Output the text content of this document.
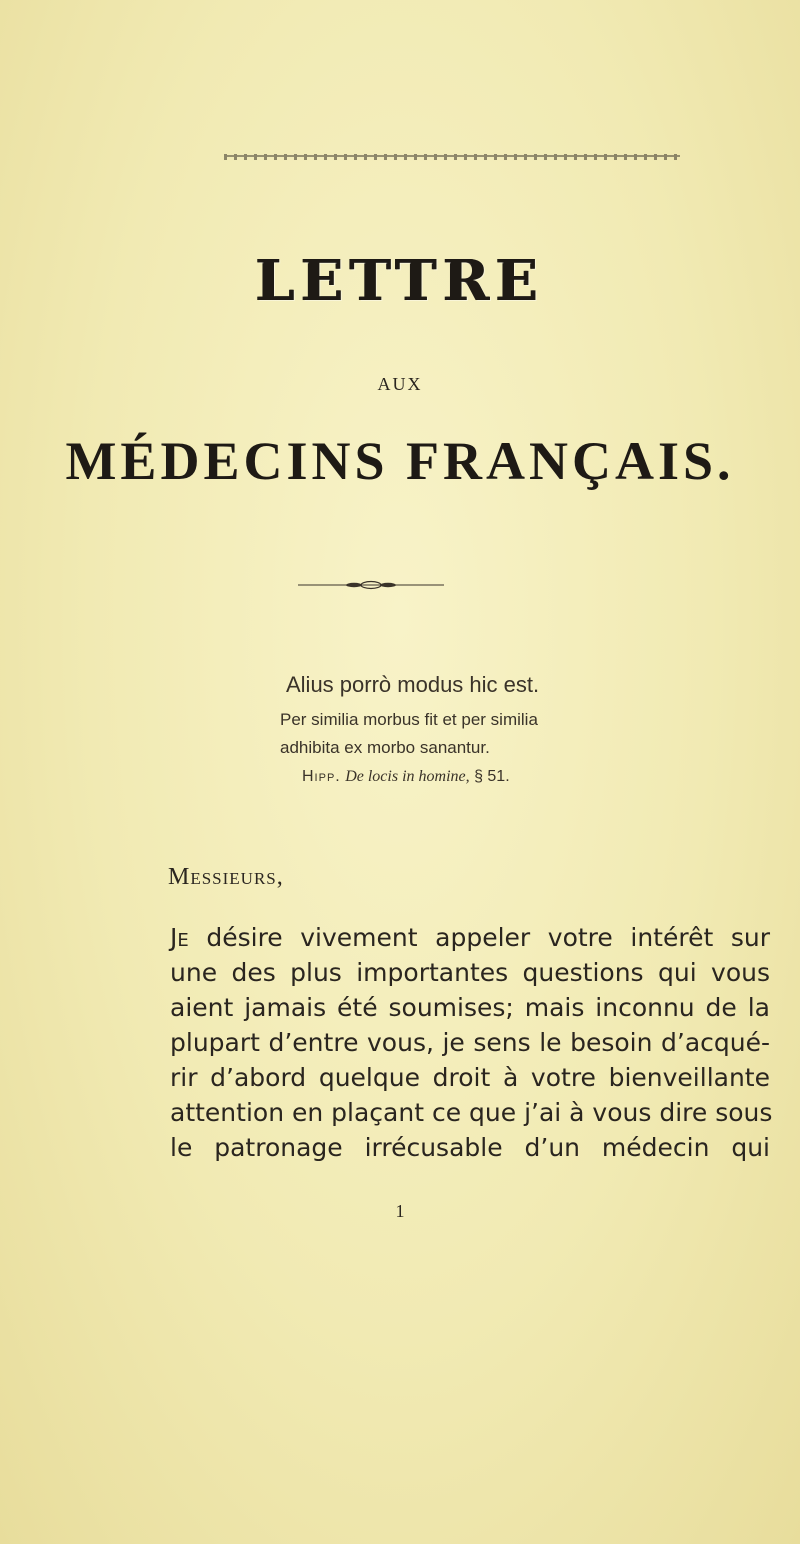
LETTRE
AUX
MÉDECINS FRANÇAIS.
Alius porrò modus hic est.
Per similia morbus fit et per similia
adhibita ex morbo sanantur.
Hipp. De locis in homine, § 51.
Messieurs,
Je désire vivement appeler votre intérêt sur
une des plus importantes questions qui vous
aient jamais été soumises; mais inconnu de la
plupart d’entre vous, je sens le besoin d’acqué-
rir d’abord quelque droit à votre bienveillante
attention en plaçant ce que j’ai à vous dire sous
le patronage irrécusable d’un médecin qui
1
